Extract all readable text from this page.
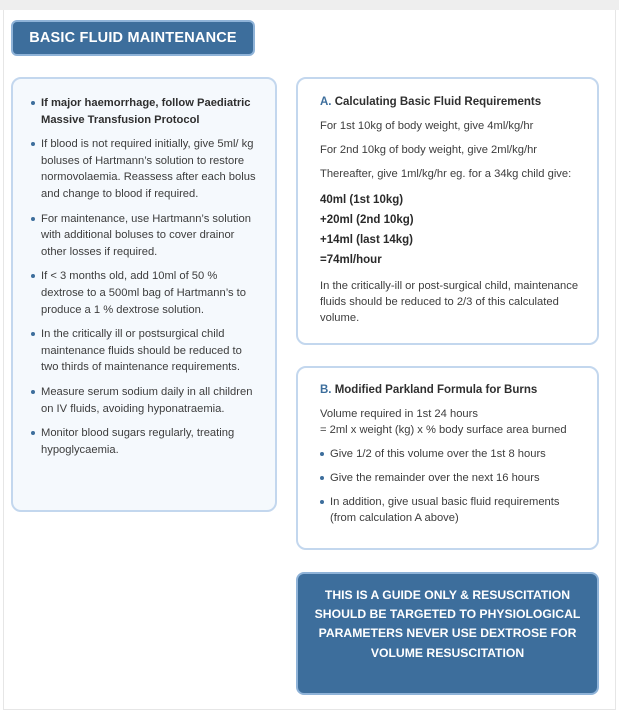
BASIC FLUID MAINTENANCE
If major haemorrhage, follow Paediatric Massive Transfusion Protocol
If blood is not required initially, give 5ml/ kg boluses of Hartmann’s solution to restore normovolaemia. Reassess after each bolus and change to blood if required.
For maintenance, use Hartmann’s solution with additional boluses to cover drainor other losses if required.
If < 3 months old, add 10ml of 50 % dextrose to a 500ml bag of Hartmann’s to produce a 1 % dextrose solution.
In the critically ill or postsurgical child maintenance fluids should be reduced to two thirds of maintenance requirements.
Measure serum sodium daily in all children on IV fluids, avoiding hyponatraemia.
Monitor blood sugars regularly, treating hypoglycaemia.
A. Calculating Basic Fluid Requirements

For 1st 10kg of body weight, give 4ml/kg/hr

For 2nd 10kg of body weight, give 2ml/kg/hr

Thereafter, give 1ml/kg/hr eg. for a 34kg child give:

40ml (1st 10kg)
+20ml (2nd 10kg)
+14ml (last 14kg)
=74ml/hour

In the critically-ill or post-surgical child, maintenance fluids should be reduced to 2/3 of this calculated volume.

B. Modified Parkland Formula for Burns

Volume required in 1st 24 hours

= 2ml x weight (kg) x % body surface area burned

Give 1/2 of this volume over the 1st 8 hours
Give the remainder over the next 16 hours
In addition, give usual basic fluid requirements (from calculation A above)
THIS IS A GUIDE ONLY & RESUSCITATION SHOULD BE TARGETED TO PHYSIOLOGICAL PARAMETERS NEVER USE DEXTROSE FOR VOLUME RESUSCITATION
